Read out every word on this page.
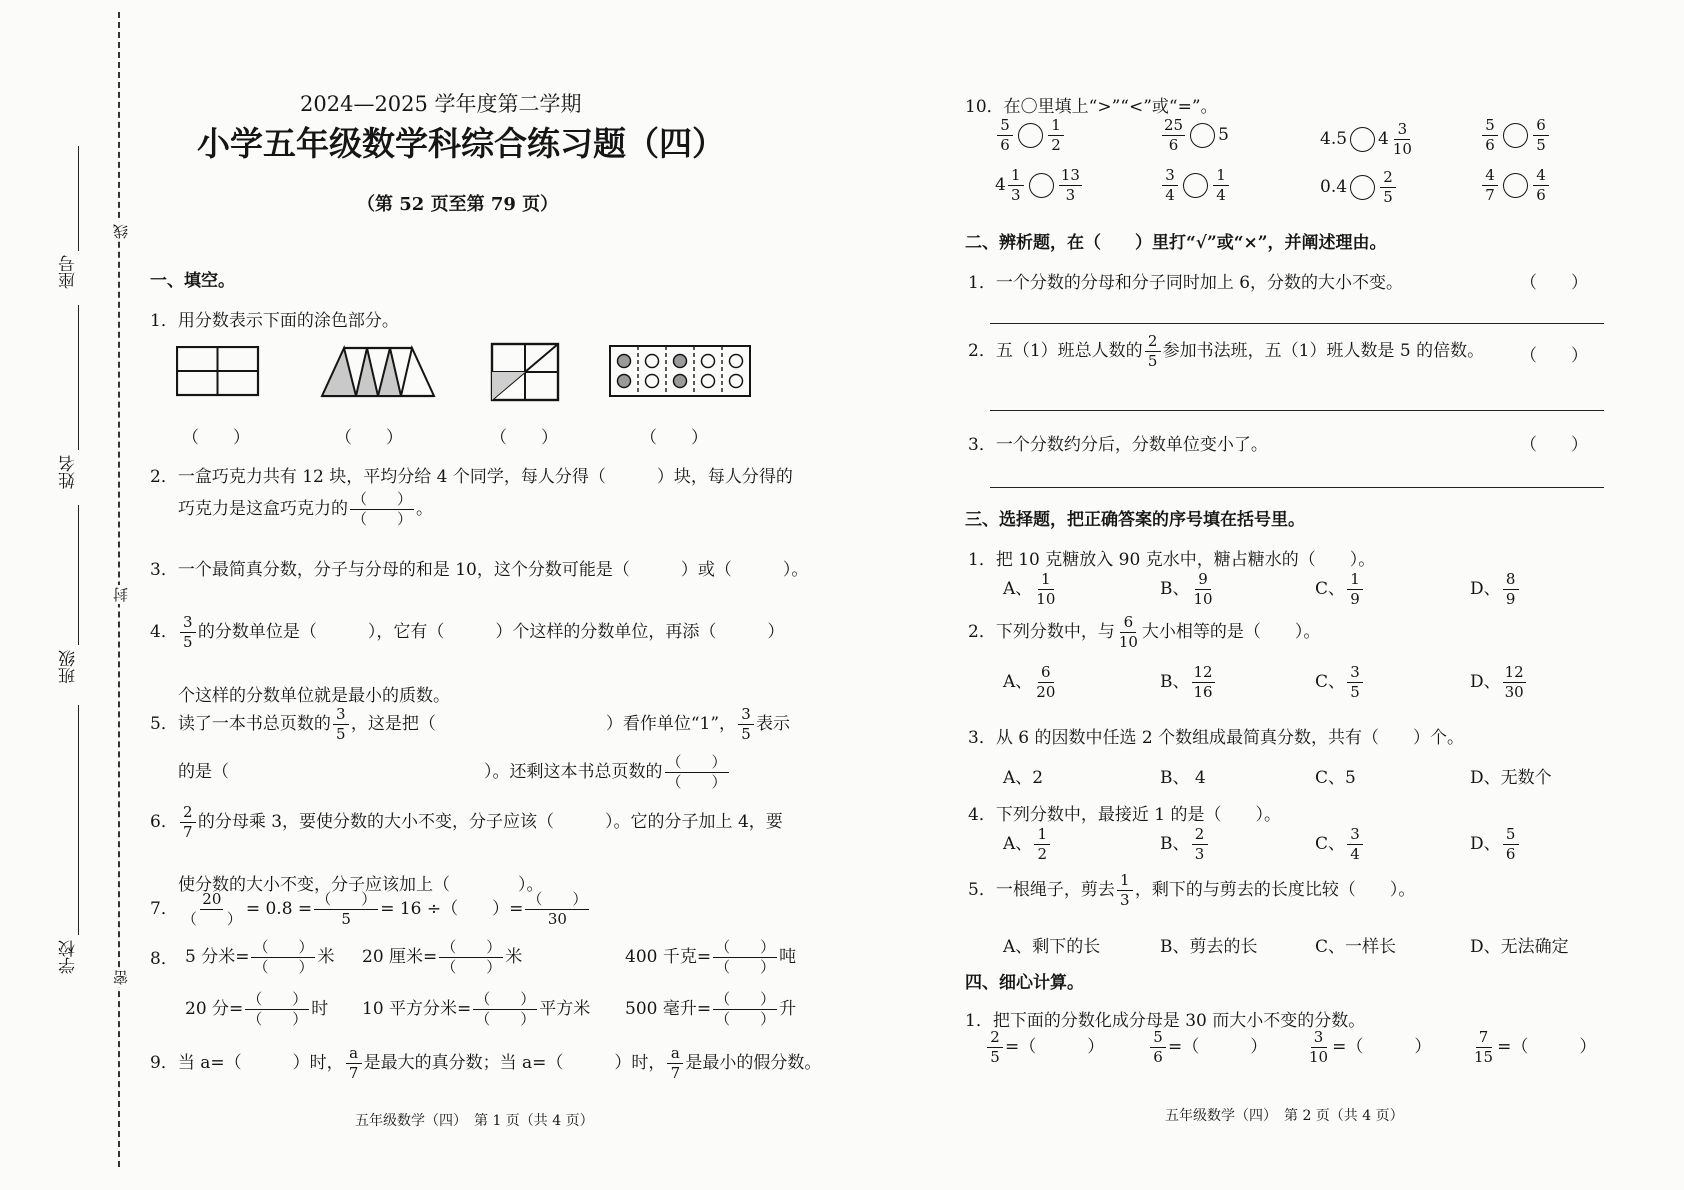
线
封
密
座号
姓名
班级
学校
2024—2025 学年度第二学期
小学五年级数学科综合练习题（四）
（第 52 页至第 79 页）
一、填空。
1．用分数表示下面的涂色部分。
（　　）	（　　）	（　　）	（　　）
2．一盒巧克力共有 12 块，平均分给 4 个同学，每人分得（　　　）块，每人分得的
巧克力是这盒巧克力的 $\frac{( )}{( )}$ 。
3．一个最简真分数，分子与分母的和是 10，这个分数可能是（　　　）或（　　　）。
4． $\frac{3}{5}$ 的分数单位是（　　　），它有（　　　）个这样的分数单位，再添（　　　）
个这样的分数单位就是最小的质数。
5．读了一本书总页数的 $\frac{3}{5}$ ，这是把（　　　　　　　　　　）看作单位“1”， $\frac{3}{5}$ 表示
的是（　　　　　　　　　　　　　　　）。还剩这本书总页数的 $\frac{( )}{( )}$
6． $\frac{2}{7}$ 的分母乘 3，要使分数的大小不变，分子应该（　　　）。它的分子加上 4，要
使分数的大小不变，分子应该加上（　　　　）。
7． $\frac{20}{( )} = 0.8 = \frac{( )}{5} = 16$ ÷（　　）= $\frac{( )}{30}$
8． 5 分米= $\frac{( )}{( )}$ 米 20 厘米= $\frac{( )}{( )}$ 米	400 千克= $\frac{( )}{( )}$ 吨
20 分= $\frac{( )}{( )}$ 时 10 平方分米= $\frac{( )}{( )}$ 平方米 500 毫升= $\frac{( )}{( )}$ 升
9．当 a=（　　　）时， $\frac{a}{7}$ 是最大的真分数；当 a=（　　　）时， $\frac{a}{7}$ 是最小的假分数。
五年级数学（四）　第 1 页（共 4 页）
10．在〇里填上“>”“<”或“=”。
二、辨析题，在（　　）里打“√”或“×”，并阐述理由。
1．一个分数的分母和分子同时加上 6，分数的大小不变。	（　　）
2．五（1）班总人数的 $\frac{2}{5}$ 参加书法班，五（1）班人数是 5 的倍数。 （　　）
3．一个分数约分后，分数单位变小了。	（　　）
三、选择题，把正确答案的序号填在括号里。
1．把 10 克糖放入 90 克水中，糖占糖水的（　　）。
2．下列分数中，与 $\frac{6}{10}$ 大小相等的是（　　）。
3．从 6 的因数中任选 2 个数组成最简真分数，共有（　　）个。
4．下列分数中，最接近 1 的是（　　）。
5．一根绳子，剪去 $\frac{1}{3}$ ，剩下的与剪去的长度比较（　　）。
四、细心计算。
1．把下面的分数化成分母是 30 而大小不变的分数。
五年级数学（四）　第 2 页（共 4 页）
$\frac{5}{6} \frac{1}{2}$	$\frac{25}{6} 5$	4.5 $4 \frac{3}{10}$	$\frac{5}{6} \frac{6}{5}$
$4 \frac{1}{3} \frac{13}{3}$	$\frac{3}{4} \frac{1}{4}$	$0.4 \frac{2}{5}$	$\frac{4}{7} \frac{4}{6}$
A、 $\frac{1}{10}$	B、 $\frac{9}{10}$	C、 $\frac{1}{9}$	D、 $\frac{8}{9}$
A、 $\frac{6}{20}$	B、 $\frac{12}{16}$	C、 $\frac{3}{5}$	D、 $\frac{12}{30}$
A、2	B、 4	C、5	D、无数个
A、 $\frac{1}{2}$	B、 $\frac{2}{3}$	C、 $\frac{3}{4}$	D、 $\frac{5}{6}$
A、剩下的长	B、剪去的长	C、一样长	D、无法确定
$\frac{2}{5}$ =（　　　）	$\frac{5}{6}$ =（　　　）	$\frac{3}{10}$ =（　　　）	$\frac{7}{15}$ =（　　　）
